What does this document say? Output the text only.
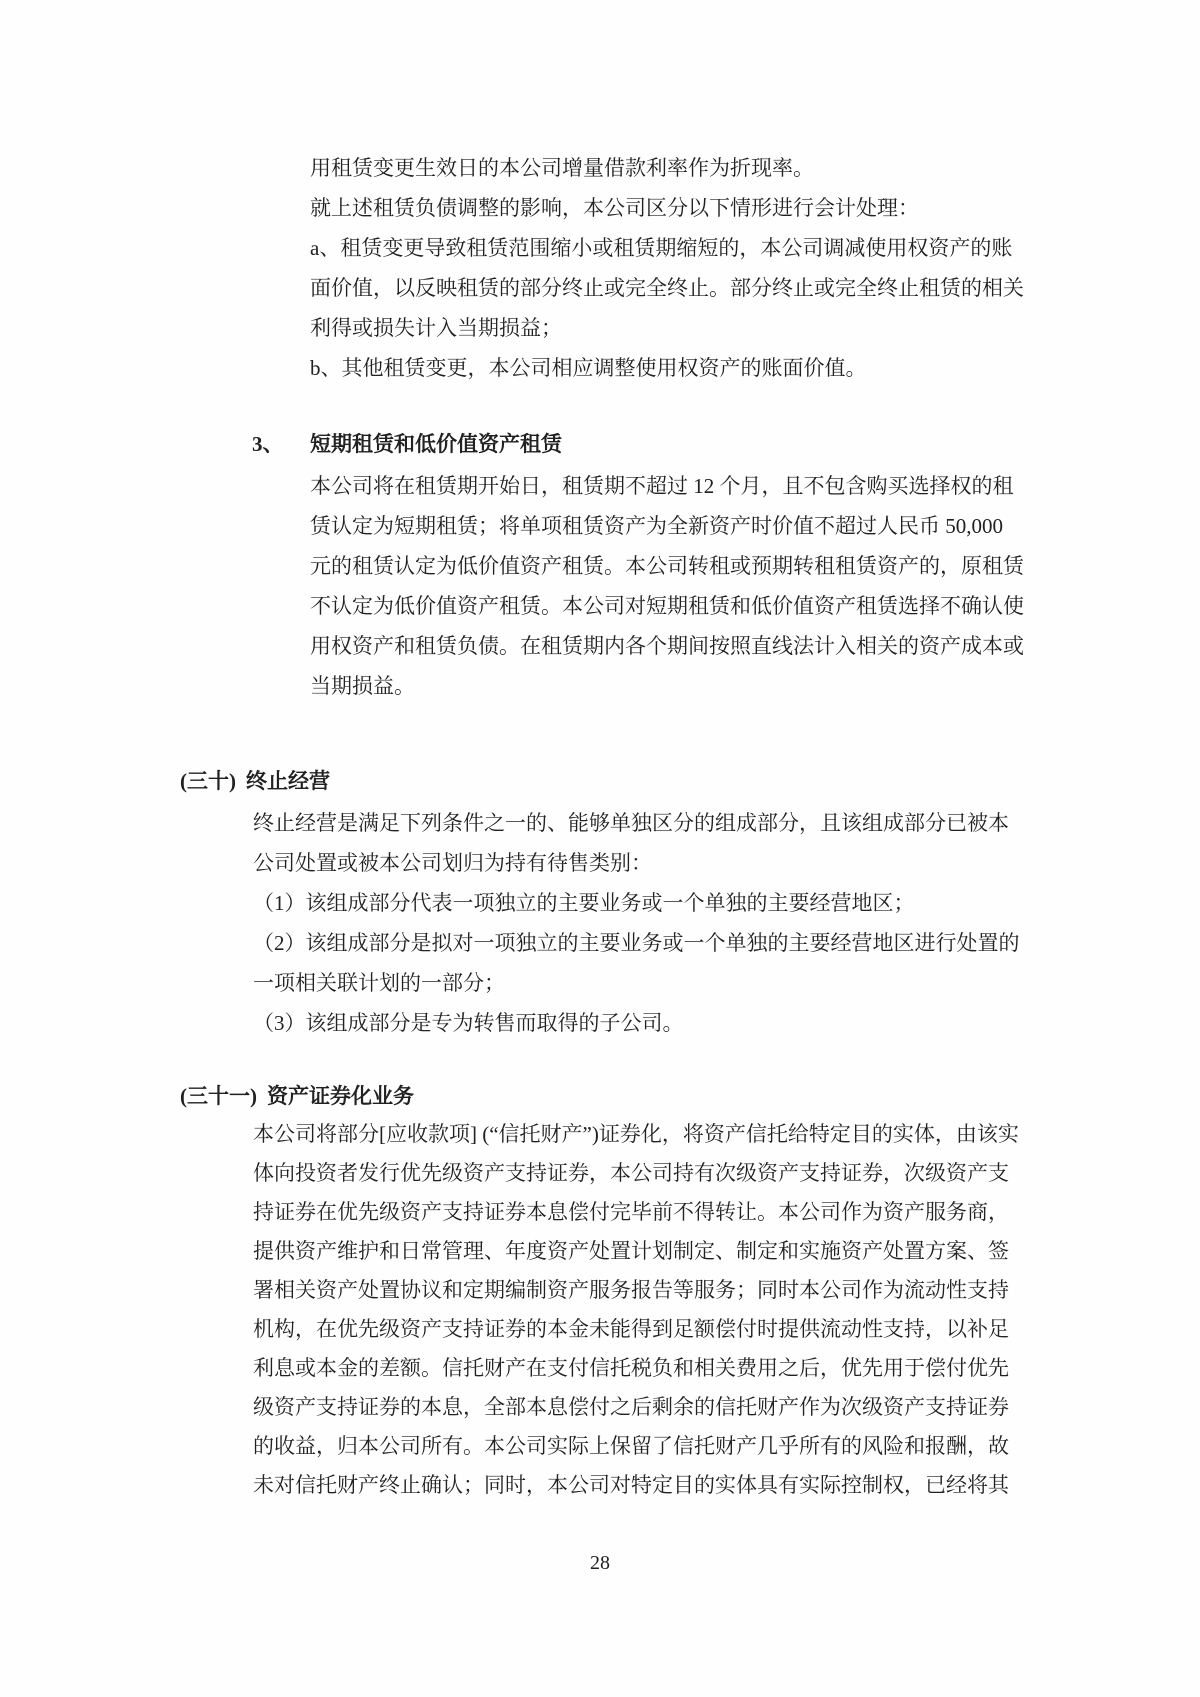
用租赁变更生效日的本公司增量借款利率作为折现率。
就上述租赁负债调整的影响，本公司区分以下情形进行会计处理：
a、租赁变更导致租赁范围缩小或租赁期缩短的，本公司调减使用权资产的账
面价值，以反映租赁的部分终止或完全终止。部分终止或完全终止租赁的相关
利得或损失计入当期损益；
b、其他租赁变更，本公司相应调整使用权资产的账面价值。
3、 短期租赁和低价值资产租赁
本公司将在租赁期开始日，租赁期不超过 12 个月，且不包含购买选择权的租
赁认定为短期租赁；将单项租赁资产为全新资产时价值不超过人民币 50,000
元的租赁认定为低价值资产租赁。本公司转租或预期转租租赁资产的，原租赁
不认定为低价值资产租赁。本公司对短期租赁和低价值资产租赁选择不确认使
用权资产和租赁负债。在租赁期内各个期间按照直线法计入相关的资产成本或
当期损益。
(三十) 终止经营
终止经营是满足下列条件之一的、能够单独区分的组成部分，且该组成部分已被本
公司处置或被本公司划归为持有待售类别：
（1）该组成部分代表一项独立的主要业务或一个单独的主要经营地区；
（2）该组成部分是拟对一项独立的主要业务或一个单独的主要经营地区进行处置的
一项相关联计划的一部分；
（3）该组成部分是专为转售而取得的子公司。
(三十一) 资产证券化业务
本公司将部分[应收款项] (“信托财产”)证券化，将资产信托给特定目的实体，由该实
体向投资者发行优先级资产支持证券，本公司持有次级资产支持证券，次级资产支
持证券在优先级资产支持证券本息偿付完毕前不得转让。本公司作为资产服务商，
提供资产维护和日常管理、年度资产处置计划制定、制定和实施资产处置方案、签
署相关资产处置协议和定期编制资产服务报告等服务；同时本公司作为流动性支持
机构，在优先级资产支持证券的本金未能得到足额偿付时提供流动性支持，以补足
利息或本金的差额。信托财产在支付信托税负和相关费用之后，优先用于偿付优先
级资产支持证券的本息，全部本息偿付之后剩余的信托财产作为次级资产支持证券
的收益，归本公司所有。本公司实际上保留了信托财产几乎所有的风险和报酬，故
未对信托财产终止确认；同时，本公司对特定目的实体具有实际控制权，已经将其
28
